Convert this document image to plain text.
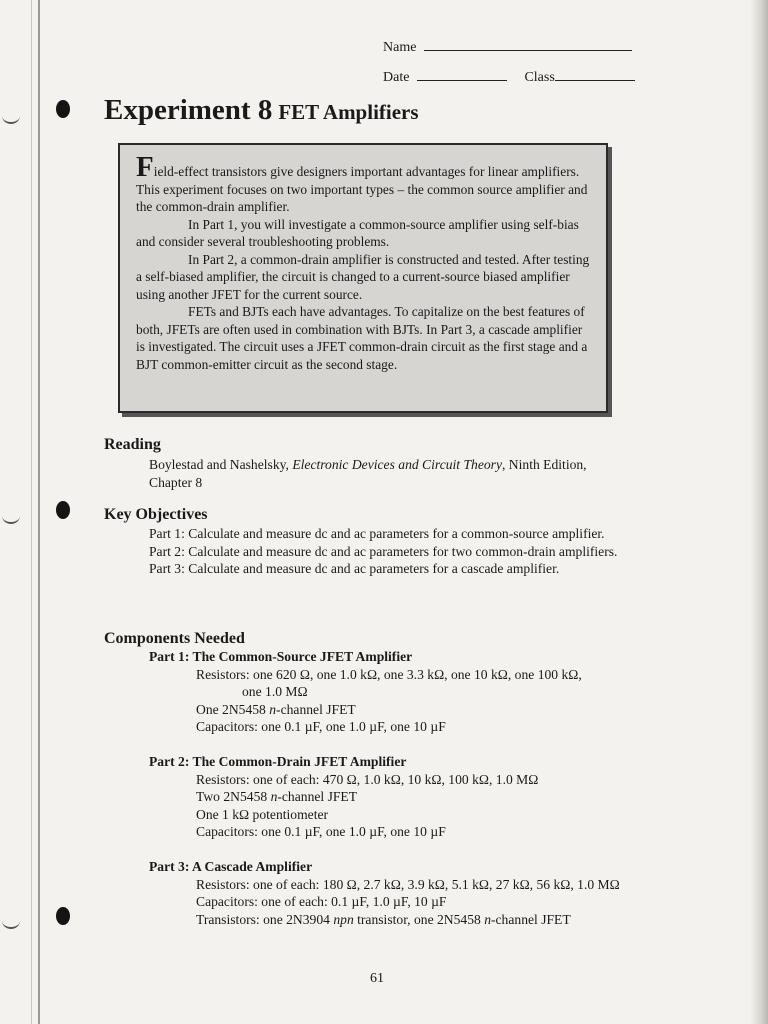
Name
Date	Class
Experiment 8 FET Amplifiers

Field-effect transistors give designers important advantages for linear amplifiers. This experiment focuses on two important types – the common source amplifier and the common-drain amplifier.

In Part 1, you will investigate a common-source amplifier using self-bias and consider several troubleshooting problems.

In Part 2, a common-drain amplifier is constructed and tested. After testing a self-biased amplifier, the circuit is changed to a current-source biased amplifier using another JFET for the current source.

FETs and BJTs each have advantages. To capitalize on the best features of both, JFETs are often used in combination with BJTs. In Part 3, a cascade amplifier is investigated. The circuit uses a JFET common-drain circuit as the first stage and a BJT common-emitter circuit as the second stage.

Reading

Boylestad and Nashelsky, Electronic Devices and Circuit Theory, Ninth Edition,

Chapter 8

Key Objectives

Part 1: Calculate and measure dc and ac parameters for a common-source amplifier.

Part 2: Calculate and measure dc and ac parameters for two common-drain amplifiers.

Part 3: Calculate and measure dc and ac parameters for a cascade amplifier.

Components Needed

Part 1: The Common-Source JFET Amplifier

Resistors: one 620 Ω, one 1.0 kΩ, one 3.3 kΩ, one 10 kΩ, one 100 kΩ,

one 1.0 MΩ

One 2N5458 n-channel JFET

Capacitors: one 0.1 µF, one 1.0 µF, one 10 µF

Part 2: The Common-Drain JFET Amplifier

Resistors: one of each: 470 Ω, 1.0 kΩ, 10 kΩ, 100 kΩ, 1.0 MΩ

Two 2N5458 n-channel JFET

One 1 kΩ potentiometer

Capacitors: one 0.1 µF, one 1.0 µF, one 10 µF

Part 3: A Cascade Amplifier

Resistors: one of each: 180 Ω, 2.7 kΩ, 3.9 kΩ, 5.1 kΩ, 27 kΩ, 56 kΩ, 1.0 MΩ

Capacitors: one of each: 0.1 µF, 1.0 µF, 10 µF

Transistors: one 2N3904 npn transistor, one 2N5458 n-channel JFET

61
